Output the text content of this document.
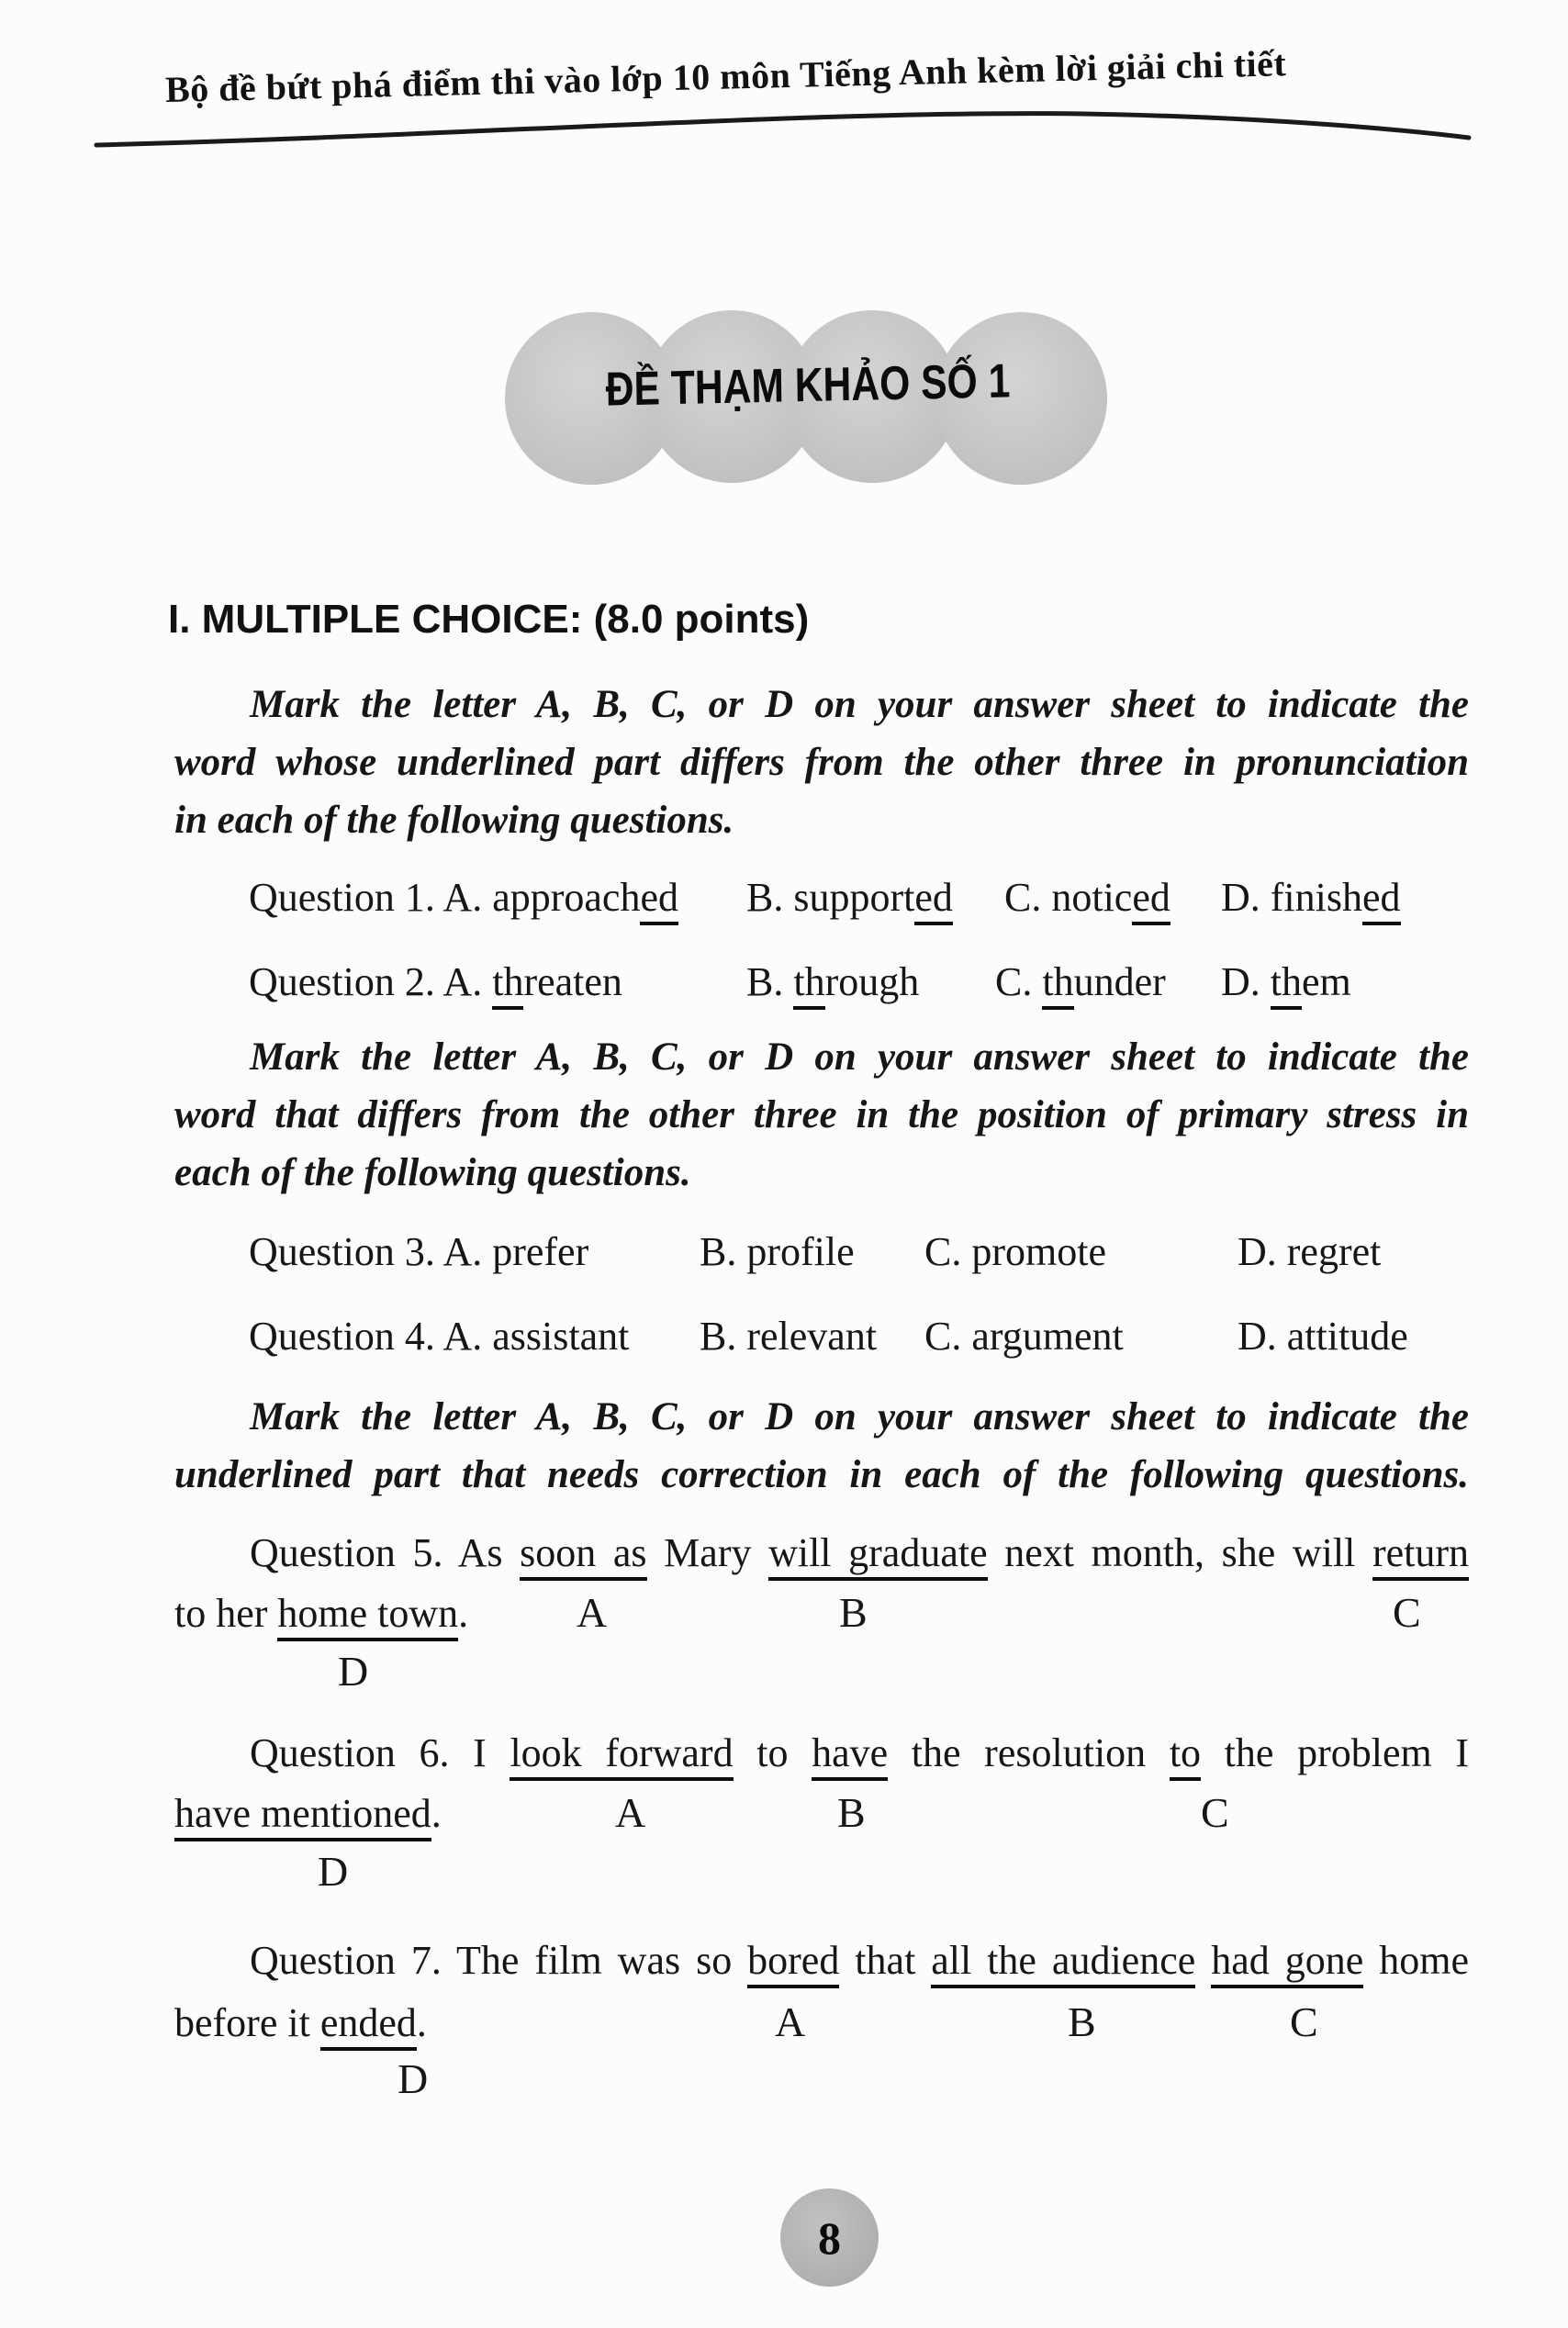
Bộ đề bứt phá điểm thi vào lớp 10 môn Tiếng Anh kèm lời giải chi tiết
ĐỀ THẠM KHẢO SỐ 1
I. MULTIPLE CHOICE: (8.0 points)
Mark the letter A, B, C, or D on your answer sheet to indicate the
word whose underlined part differs from the other three in pronunciation
in each of the following questions.
Question 1. A. approached B. supported C. noticed D. finished
Question 2. A. threaten	B. through C. thunder D. them
Mark the letter A, B, C, or D on your answer sheet to indicate the
word that differs from the other three in the position of primary stress in
each of the following questions.
Question 3. A. prefer	B. profile C. promote	D. regret
Question 4. A. assistant B. relevant C. argument	D. attitude
Mark the letter A, B, C, or D on your answer sheet to indicate the
underlined part that needs correction in each of the following questions.
Question 5. As soon as Mary will graduate next month, she will return
to her home town.	A	B	C
D
Question 6. I look forward to have the resolution to the problem I
have mentioned.	A	B	C
D
Question 7. The film was so bored that all the audience had gone home
before it ended.	A	B	C
D
8
